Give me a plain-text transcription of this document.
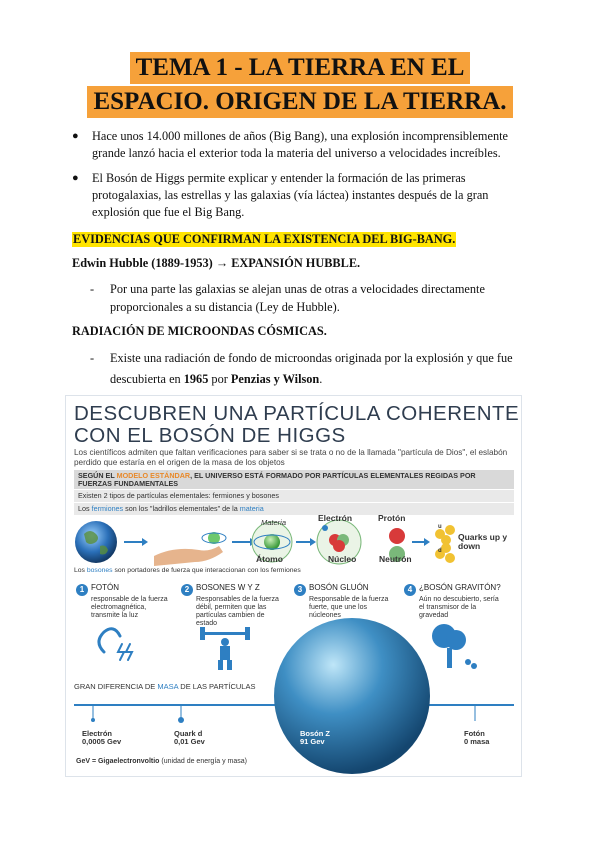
TEMA 1 - LA TIERRA EN EL
ESPACIO. ORIGEN DE LA TIERRA.
● Hace unos 14.000 millones de años (Big Bang), una explosión incomprensiblemente grande lanzó hacia el exterior toda la materia del universo a velocidades increíbles.
● El Bosón de Higgs permite explicar y entender la formación de las primeras protogalaxias, las estrellas y las galaxias (vía láctea) instantes después de la gran explosión que fue el Big Bang.
EVIDENCIAS QUE CONFIRMAN LA EXISTENCIA DEL BIG-BANG.
Edwin Hubble (1889-1953) → EXPANSIÓN HUBBLE.
- Por una parte las galaxias se alejan unas de otras a velocidades directamente proporcionales a su distancia (Ley de Hubble).
RADIACIÓN DE MICROONDAS CÓSMICAS.
- Existe una radiación de fondo de microondas originada por la explosión y que fue descubierta en 1965 por Penzias y Wilson.
DESCUBREN UNA PARTÍCULA COHERENTE
CON EL BOSÓN DE HIGGS
Los científicos admiten que faltan verificaciones para saber si se trata o no de la llamada "partícula de Dios", el eslabón perdido que estaría en el origen de la masa de los objetos
SEGÚN EL MODELO ESTÁNDAR, EL UNIVERSO ESTÁ FORMADO POR PARTÍCULAS ELEMENTALES REGIDAS POR FUERZAS FUNDAMENTALES
Existen 2 tipos de partículas elementales: fermiones y bosones
Los fermiones son los "ladrillos elementales" de la materia
Materia
Átomo
Electrón
Núcleo
Protón
Neutrón
Quarks up y down
u
d
Los bosones son portadores de fuerza que interaccionan con los fermiones
1 FOTÓN
responsable de la fuerza electromagnética, transmite la luz
2 BOSONES W Y Z
Responsables de la fuerza débil, permiten que las partículas cambien de estado
3 BOSÓN GLUÓN
Responsable de la fuerza fuerte, que une los núcleones
4 ¿BOSÓN GRAVITÓN?
Aún no descubierto, sería el transmisor de la gravedad
GRAN DIFERENCIA DE MASA DE LAS PARTÍCULAS
Electrón
0,0005 Gev
Quark d
0,01 Gev
Bosón Z
91 Gev
Fotón
0 masa
GeV = Gigaelectronvoltio (unidad de energía y masa)
